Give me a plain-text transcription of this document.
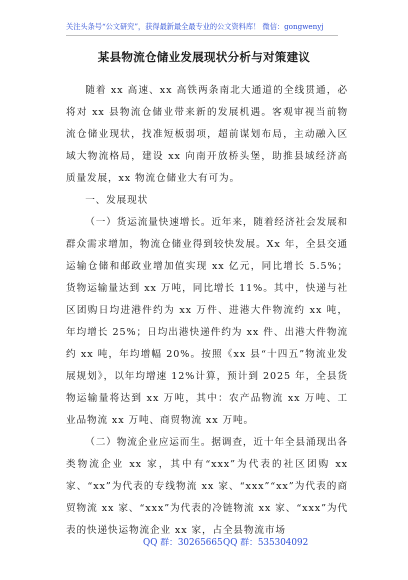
关注头条号“公文研究”，获得最新最全最专业的公文资料库！ 微信：gongwenyj
某县物流仓储业发展现状分析与对策建议

随着 xx 高速、xx 高铁两条南北大通道的全线贯通，必将对 xx 县物流仓储业带来新的发展机遇。客观审视当前物流仓储业现状，找准短板弱项，超前谋划布局，主动融入区域大物流格局，建设 xx 向南开放桥头堡，助推县域经济高质量发展，xx 物流仓储业大有可为。

一、发展现状

（一）货运流量快速增长。近年来，随着经济社会发展和群众需求增加，物流仓储业得到较快发展。Xx 年，全县交通运输仓储和邮政业增加值实现 xx 亿元，同比增长 5.5%；货物运输量达到 xx 万吨，同比增长 11%。其中，快递与社区团购日均进港件约为 xx 万件、进港大件物流约 xx 吨，年均增长 25%；日均出港快递件约为 xx 件、出港大件物流约 xx 吨，年均增幅 20%。按照《xx 县“十四五”物流业发展规划》，以年均增速 12%计算，预计到 2025 年，全县货物运输量将达到 xx 万吨，其中：农产品物流 xx 万吨、工业品物流 xx 万吨、商贸物流 xx 万吨。

（二）物流企业应运而生。据调查，近十年全县涌现出各类物流企业 xx 家，其中有“xxx”为代表的社区团购 xx 家、“xx”为代表的专线物流 xx 家、“xxx”“xx”为代表的商贸物流 xx 家、“xxx”为代表的冷链物流 xx 家、“xxx”为代表的快递快运物流企业 xx 家，占全县物流市场

QQ 群：30265665 QQ 群：535304092
